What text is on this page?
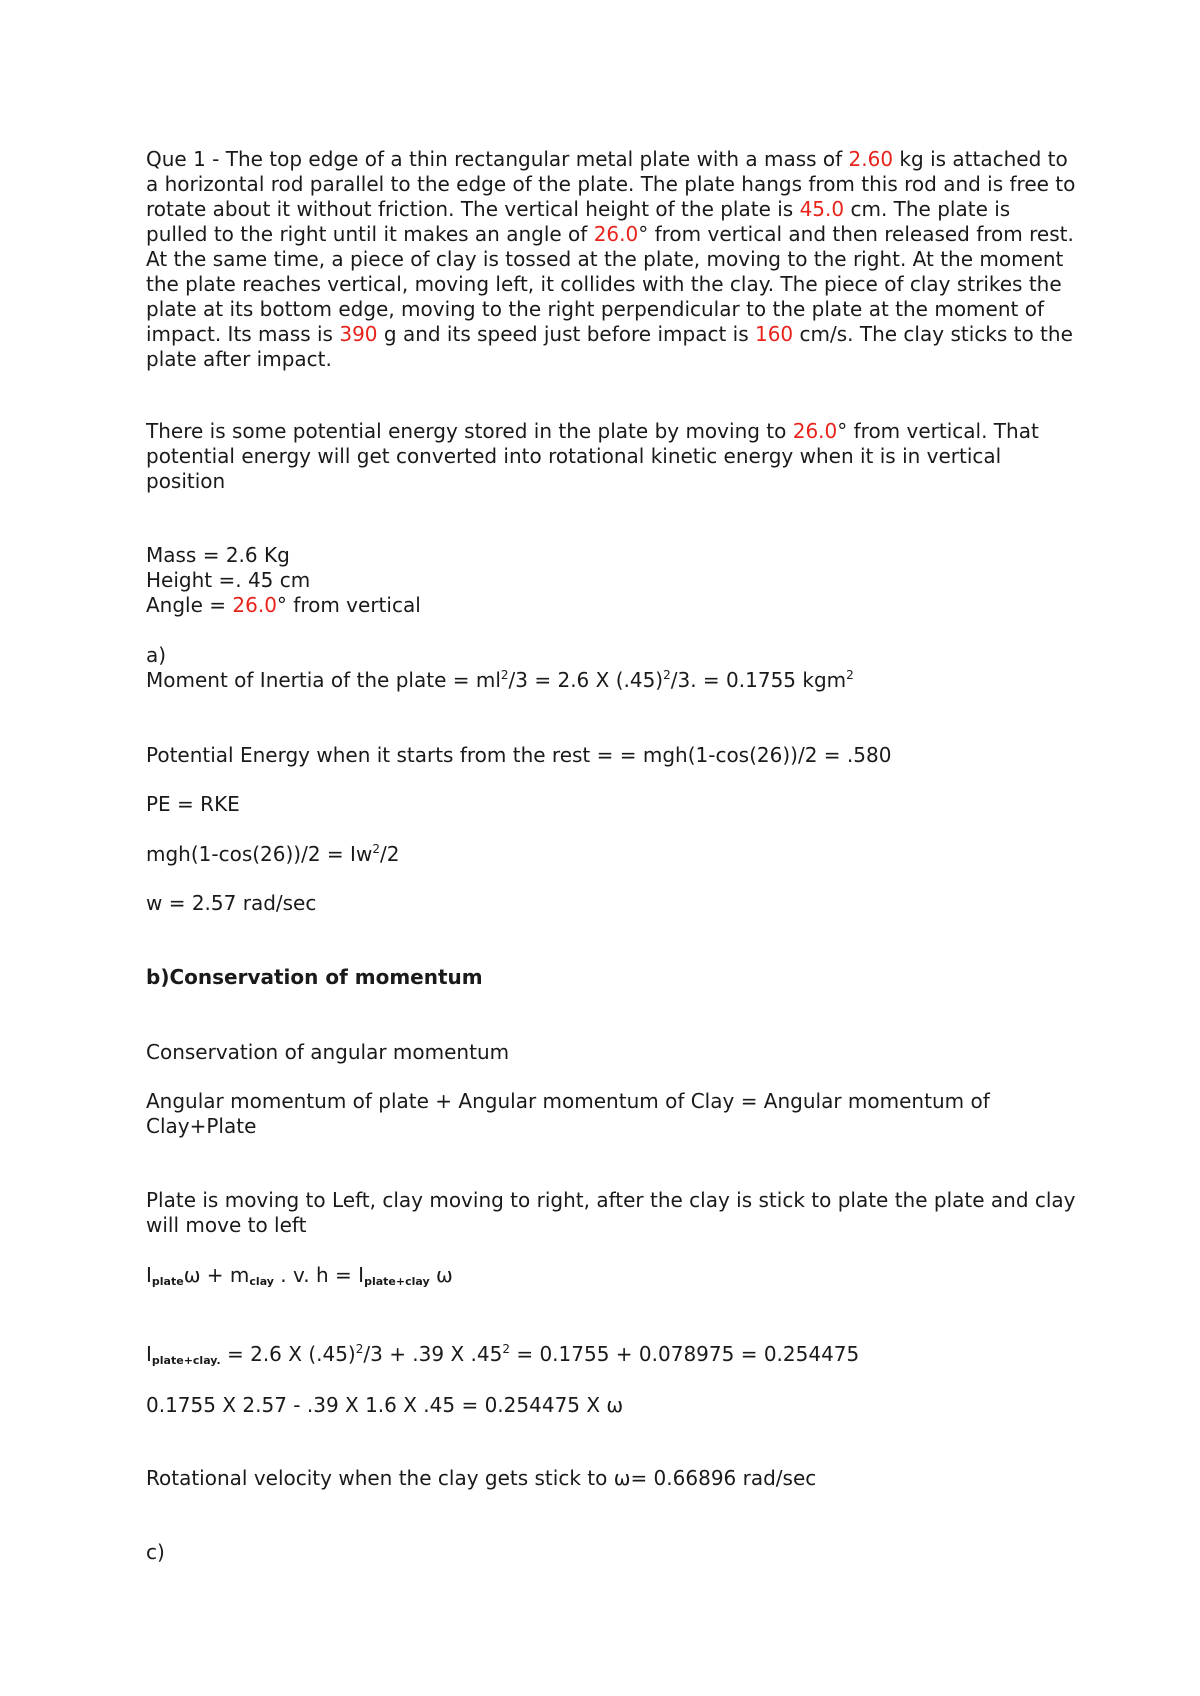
Que 1 - The top edge of a thin rectangular metal plate with a mass of 2.60 kg is attached to a horizontal rod parallel to the edge of the plate. The plate hangs from this rod and is free to rotate about it without friction. The vertical height of the plate is 45.0 cm. The plate is pulled to the right until it makes an angle of 26.0° from vertical and then released from rest. At the same time, a piece of clay is tossed at the plate, moving to the right. At the moment the plate reaches vertical, moving left, it collides with the clay. The piece of clay strikes the plate at its bottom edge, moving to the right perpendicular to the plate at the moment of impact. Its mass is 390 g and its speed just before impact is 160 cm/s. The clay sticks to the plate after impact.
There is some potential energy stored in the plate by moving to 26.0° from vertical. That potential energy will get converted into rotational kinetic energy when it is in vertical position
Mass = 2.6 Kg
Height =. 45 cm
Angle = 26.0° from vertical
a)
Moment of Inertia of the plate = $ml^2/3 = 2.6$ X $(.45)^2/3$. = 0.1755 kgm$^2$
Potential Energy when it starts from the rest = = mgh(1-cos(26))/2 = .580
PE = RKE
$mgh(1-\cos(26))/2 = Iw^2/2$
w = 2.57 rad/sec
b)Conservation of momentum
Conservation of angular momentum
Angular momentum of plate + Angular momentum of Clay = Angular momentum of Clay+Plate
Plate is moving to Left, clay moving to right, after the clay is stick to plate the plate and clay will move to left
$I_{plate}\omega + m_{clay}$ . v. $h = I_{plate+clay}$ ω
$I_{plate+clay.} = 2.6$ X $(.45)^2/3 + .39$ X $.45^2 = 0.1755 + 0.078975 = 0.254475$
0.1755 X 2.57 - .39 X 1.6 X .45 = 0.254475 X ω
Rotational velocity when the clay gets stick to ω= 0.66896 rad/sec
c)
